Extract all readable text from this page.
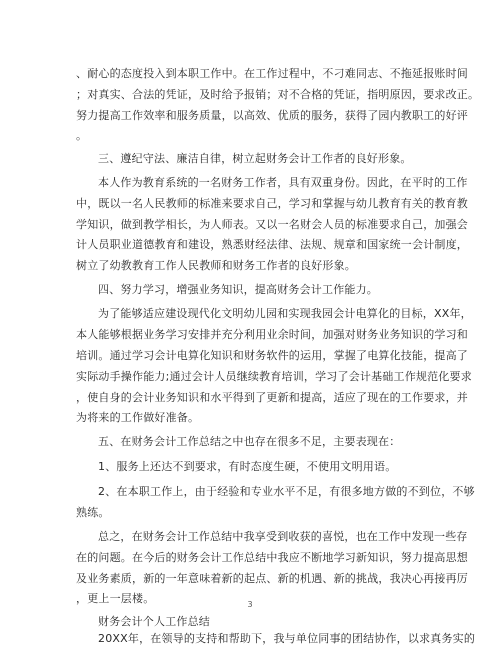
、耐心的态度投入到本职工作中。在工作过程中，不刁难同志、不拖延报账时间
；对真实、合法的凭证，及时给予报销；对不合格的凭证，指明原因，要求改正。
努力提高工作效率和服务质量，以高效、优质的服务，获得了园内教职工的好评
。
三、遵纪守法、廉洁自律，树立起财务会计工作者的良好形象。
本人作为教育系统的一名财务工作者，具有双重身份。因此，在平时的工作
中，既以一名人民教师的标准来要求自己，学习和掌握与幼儿教育有关的教育教
学知识，做到教学相长，为人师表。又以一名财会人员的标准要求自己，加强会
计人员职业道德教育和建设，熟悉财经法律、法规、规章和国家统一会计制度，
树立了幼教教育工作人民教师和财务工作者的良好形象。
四、努力学习，增强业务知识，提高财务会计工作能力。
为了能够适应建设现代化文明幼儿园和实现我园会计电算化的目标，XX年，
本人能够根据业务学习安排并充分利用业余时间，加强对财务业务知识的学习和
培训。通过学习会计电算化知识和财务软件的运用，掌握了电算化技能，提高了
实际动手操作能力;通过会计人员继续教育培训，学习了会计基础工作规范化要求
，使自身的会计业务知识和水平得到了更新和提高，适应了现在的工作要求，并
为将来的工作做好准备。
五、在财务会计工作总结之中也存在很多不足，主要表现在：
1、服务上还达不到要求，有时态度生硬，不使用文明用语。
2、在本职工作上，由于经验和专业水平不足，有很多地方做的不到位，不够
熟练。
总之，在财务会计工作总结中我享受到收获的喜悦，也在工作中发现一些存
在的问题。在今后的财务会计工作总结中我应不断地学习新知识，努力提高思想
及业务素质，新的一年意味着新的起点、新的机遇、新的挑战，我决心再接再厉
，更上一层楼。
财务会计个人工作总结
20XX年，在领导的支持和帮助下，我与单位同事的团结协作，以求真务实的
3
